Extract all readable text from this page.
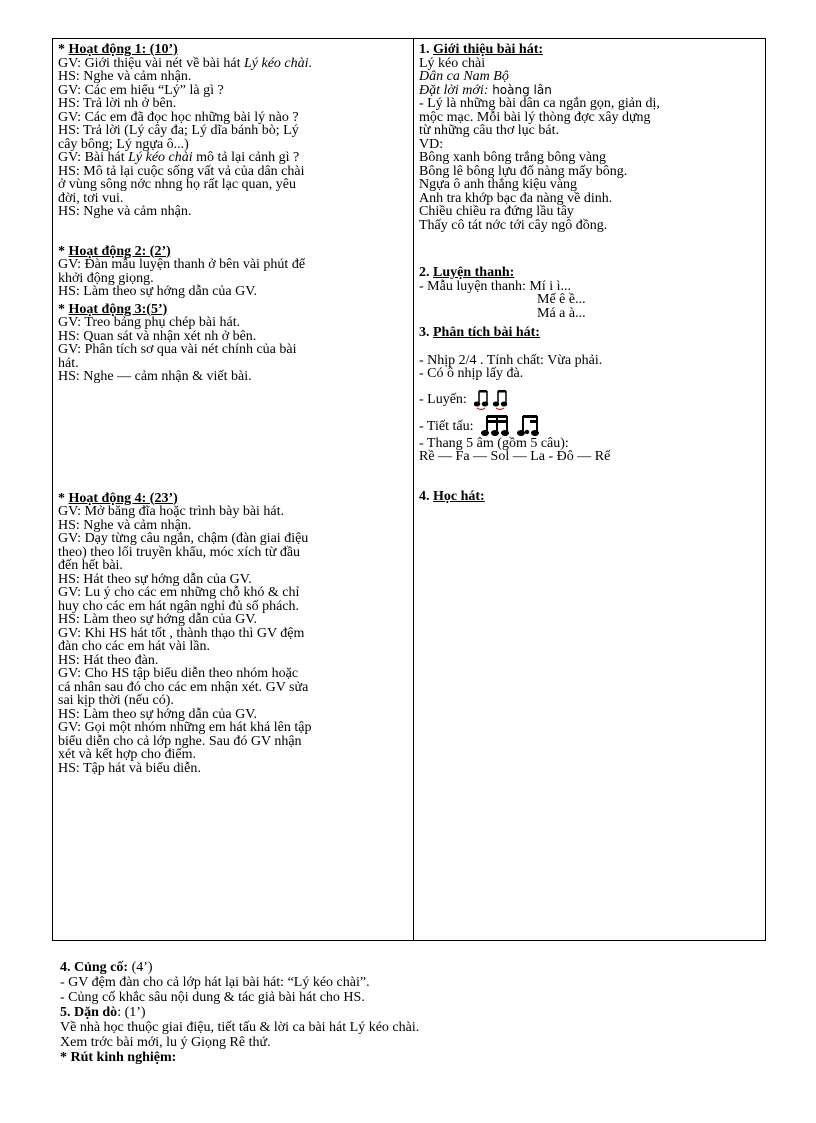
* Hoạt động 1: (10’)
GV: Giới thiệu vài nét về bài hát Lý kéo chài.
HS: Nghe và cảm nhận.
GV: Các em hiểu “Lý” là gì ?
HS: Trả lời nh ở bên.
GV: Các em đã đọc học những bài lý nào ?
HS: Trả lời (Lý cây đa; Lý dĩa bánh bò; Lý
cây bông; Lý ngựa ô...)
GV: Bài hát Lý kéo chài mô tả lại cảnh gì ?
HS: Mô tả lại cuộc sống vất vả của dân chài
ở vùng sông nớc nhng họ rất lạc quan, yêu
đời, tơi vui.
HS: Nghe và cảm nhận.
* Hoạt động 2: (2’)
GV: Đàn mẫu luyện thanh ở bên vài phút để
khởi động giọng.
HS: Làm theo sự hớng dẫn của GV.
* Hoạt động 3:(5’)
GV: Treo bảng phụ chép bài hát.
HS: Quan sát và nhận xét nh ở bên.
GV: Phân tích sơ qua vài nét chính của bài
hát.
HS: Nghe — cảm nhận & viết bài.
* Hoạt động 4: (23’)
GV: Mở băng đĩa hoặc trình bày bài hát.
HS: Nghe và cảm nhận.
GV: Dạy từng câu ngắn, chậm (đàn giai điệu
theo) theo lối truyền khẩu, móc xích từ đầu
đến hết bài.
HS: Hát theo sự hớng dẫn của GV.
GV: Lu ý cho các em những chỗ khó & chỉ
huy cho các em hát ngân nghỉ đủ số phách.
HS: Làm theo sự hớng dẫn của GV.
GV: Khi HS hát tốt , thành thạo thì GV đệm
đàn cho các em hát vài lần.
HS: Hát theo đàn.
GV: Cho HS tập biểu diễn theo nhóm hoặc
cá nhân sau đó cho các em nhận xét. GV sửa
sai kịp thời (nếu có).
HS: Làm theo sự hớng dẫn của GV.
GV: Gọi một nhóm những em hát khá lên tập
biểu diễn cho cả lớp nghe. Sau đó GV nhận
xét và kết hợp cho điểm.
HS: Tập hát và biểu diễn.
1. Giới thiệu bài hát:
Lý kéo chài
Dân ca Nam Bộ
Đặt lời mới: hoàng lân
- Lý là những bài dân ca ngắn gọn, giản dị,
mộc mạc. Mỗi bài lý thòng đợc xây dựng
từ những câu thơ lục bát.
VD:
Bông xanh bông trắng bông vàng
Bông lê bông lựu đố nàng mấy bông.
Ngựa ô anh thắng kiệu vàng
Anh tra khớp bạc đa nàng về dinh.
Chiều chiều ra đứng lầu tây
Thấy cô tát nớc tới cây ngô đồng.
2. Luyện thanh:
- Mẫu luyện thanh: Mí i ì...
Mế ê ề...
Má a à...
3. Phân tích bài hát:
- Nhịp 2/4 . Tính chất: Vừa phải.
- Có ô nhịp lấy đà.
- Luyến:
- Tiết tấu:
- Thang 5 âm (gồm 5 câu):
Rề — Fa — Sol — La - Đô — Rế
4. Học hát:
4. Củng cố: (4’)
- GV đệm đàn cho cả lớp hát lại bài hát: “Lý kéo chài”.
- Củng cố khắc sâu nội dung & tác giả bài hát cho HS.
5. Dặn dò: (1’)
Về nhà học thuộc giai điệu, tiết tấu & lời ca bài hát Lý kéo chài.
Xem trớc bài mới, lu ý Giọng Rê thứ.
* Rút kinh nghiệm:
